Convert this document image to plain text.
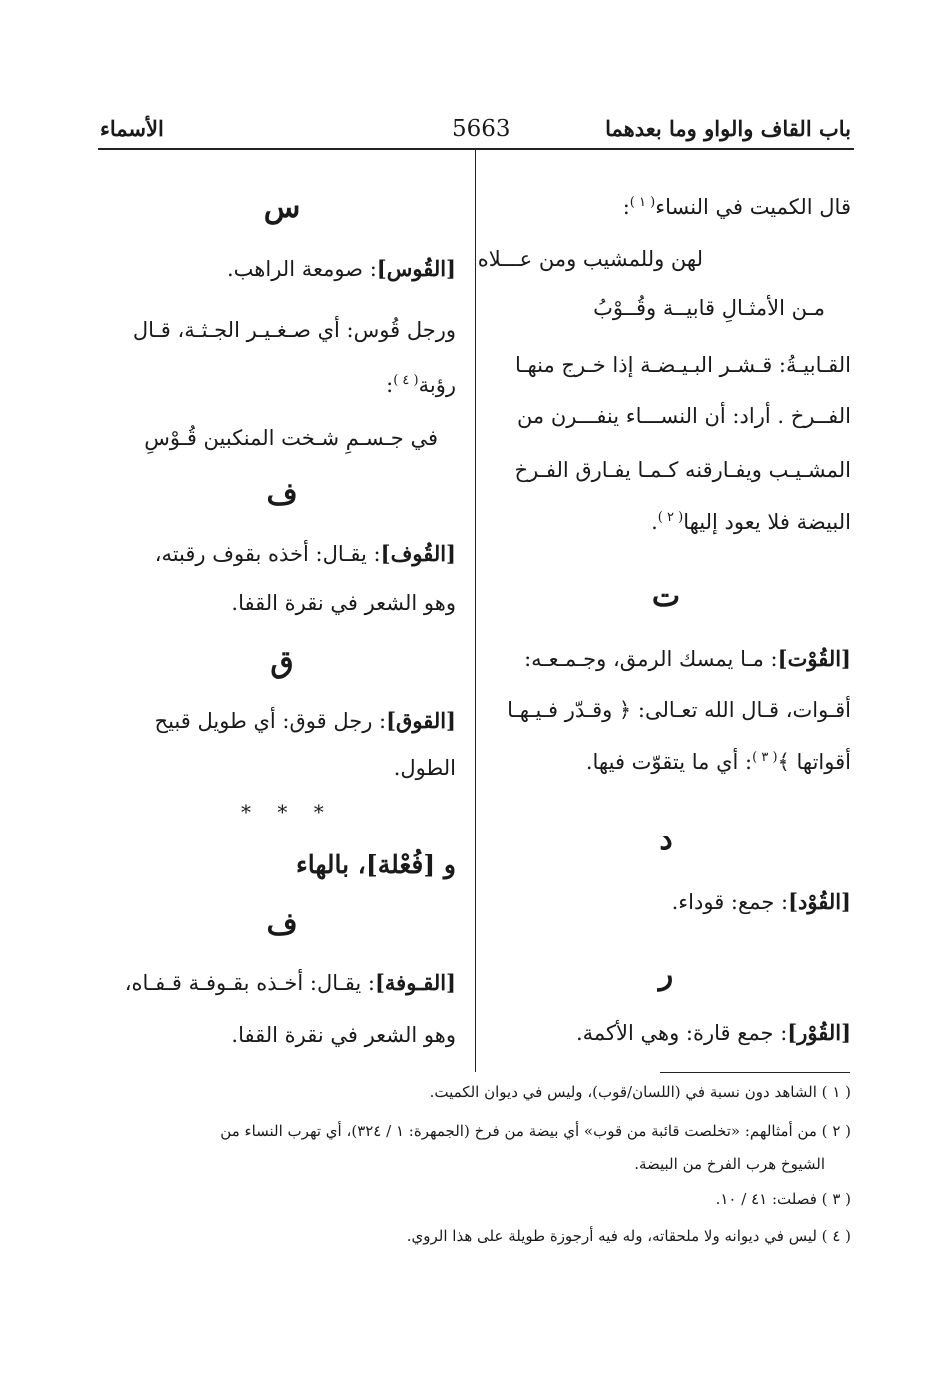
باب القاف والواو وما بعدهما
5663
الأسماء
قال الكميت في النساء$^{( ١ )}$:
لهن وللمشيب ومن عـــلاه
مـن الأمثـالِ قابيــة وقُــوْبُ
القـابيـةُ: قـشـر البـيـضـة إذا خـرج منهـا
الفــرخ . أراد: أن النســـاء ينفـــرن من
المشـيـب ويفـارقنه كـمـا يفـارق الفـرخ
البيضة فلا يعود إليها$^{( ٢ )}$.
ت
[القُوْت]: مـا يمسك الرمق، وجـمـعـه:
أقـوات، قـال الله تعـالى: ﴿ وقـدّر فـيـهـا
أقواتها ﴾$^{( ٣ )}$: أي ما يتقوّت فيها.
د
[القُوْد]: جمع: قوداء.
ر
[القُوْر]: جمع قارة: وهي الأكمة.
س
[القُوس]: صومعة الراهب.
ورجل قُوس: أي صـغـيـر الجـثـة، قـال
رؤبة$^{( ٤ )}$:
في جـسـمِ شـخت المنكبين قُـوْسِ
ف
[القُوف]: يقـال: أخذه بقوف رقبته،
وهو الشعر في نقرة القفا.
ق
[القوق]: رجل قوق: أي طويل قبيح
الطول.
* * *
و [فُعْلة]، بالهاء
ف
[القـوفة]: يقـال: أخـذه بقـوفـة قـفـاه،
وهو الشعر في نقرة القفا.
( ١ ) الشاهد دون نسبة في (اللسان/قوب)، وليس في ديوان الكميت.
( ٢ ) من أمثالهم: «تخلصت قائبة من قوب» أي بيضة من فرخ (الجمهرة: ١ / ٣٢٤)، أي تهرب النساء من
الشيوخ هرب الفرخ من البيضة.
( ٣ ) فصلت: ٤١ / ١٠.
( ٤ ) ليس في ديوانه ولا ملحقاته، وله فيه أرجوزة طويلة على هذا الروي.
